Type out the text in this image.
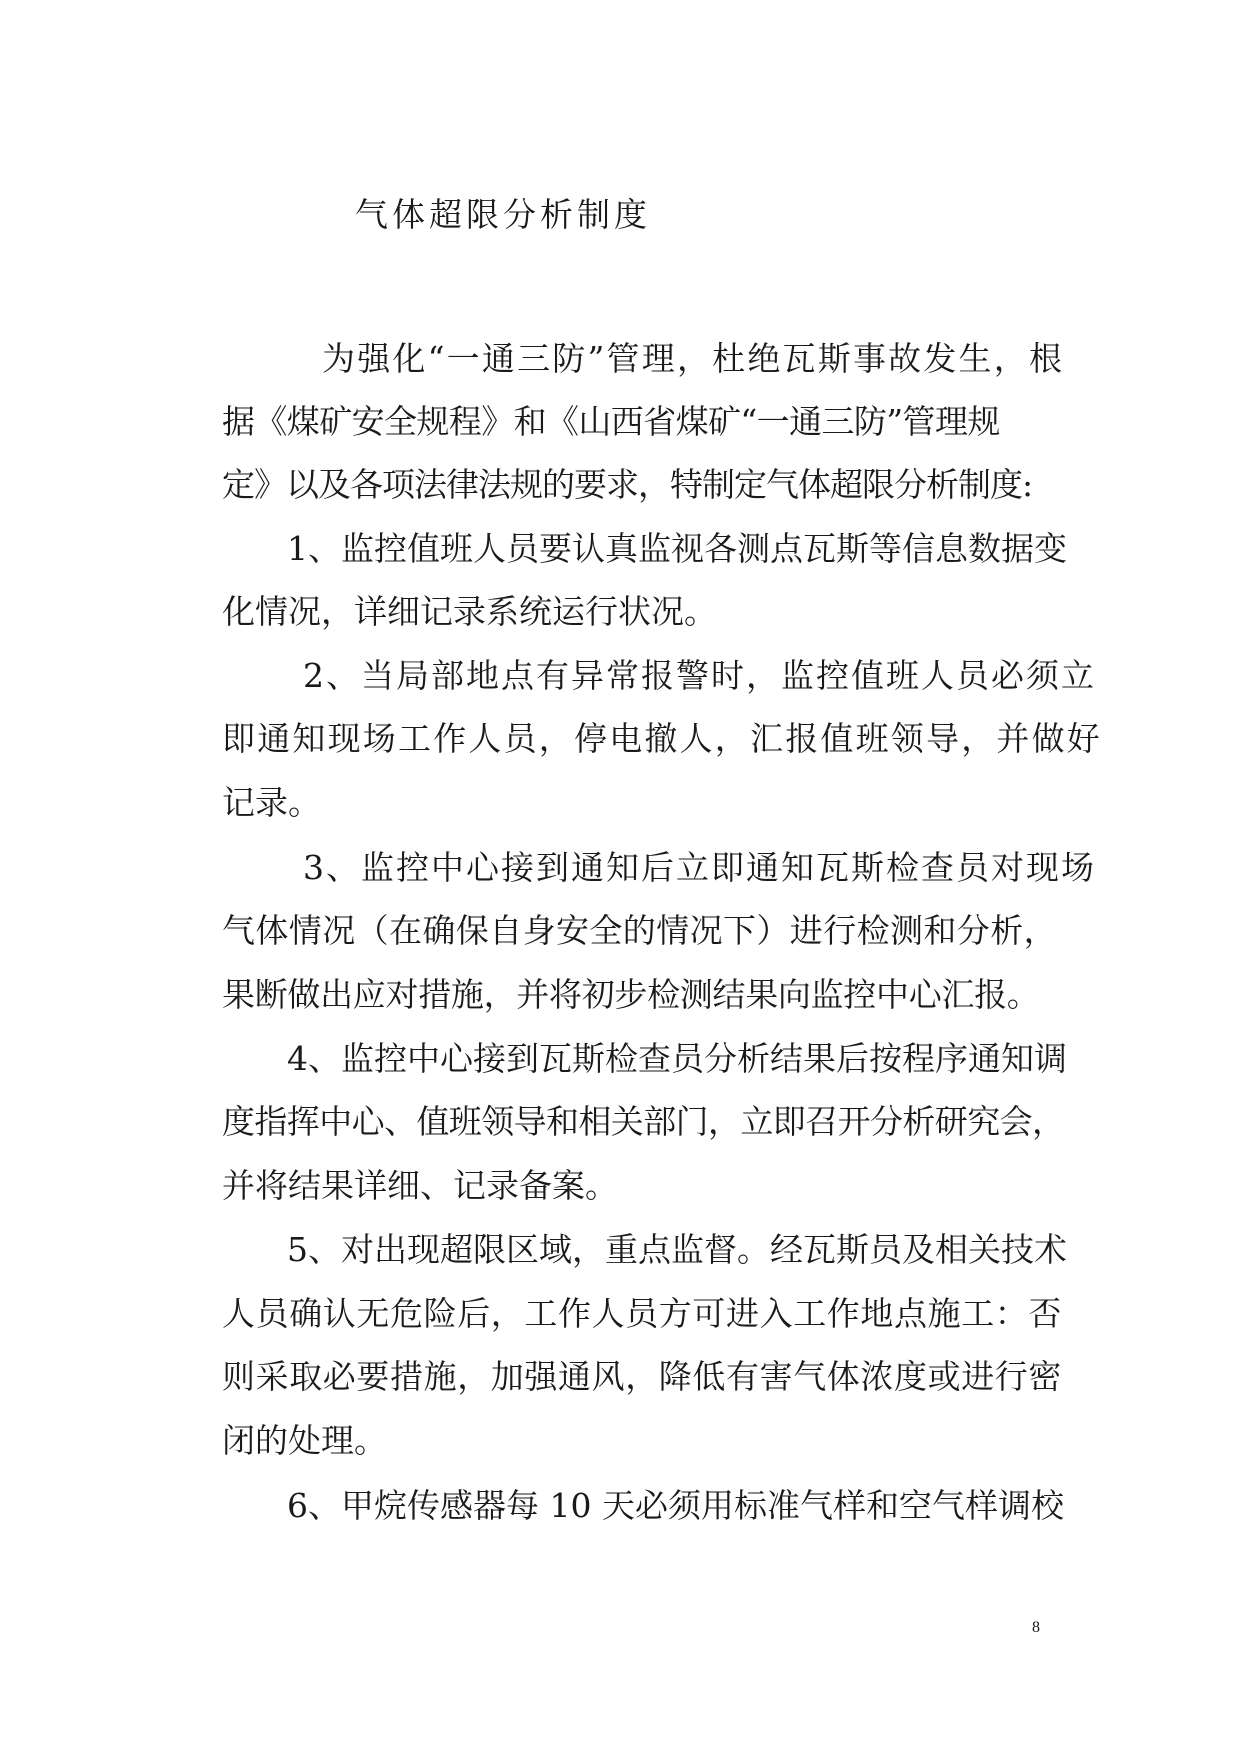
气体超限分析制度
为强化“一通三防”管理，杜绝瓦斯事故发生，根
据《煤矿安全规程》和《山西省煤矿“一通三防”管理规
定》以及各项法律法规的要求，特制定气体超限分析制度:
1、监控值班人员要认真监视各测点瓦斯等信息数据变
化情况，详细记录系统运行状况。
2、当局部地点有异常报警时，监控值班人员必须立
即通知现场工作人员，停电撤人，汇报值班领导，并做好
记录。
3、监控中心接到通知后立即通知瓦斯检查员对现场
气体情况（在确保自身安全的情况下）进行检测和分析，
果断做出应对措施，并将初步检测结果向监控中心汇报。
4、监控中心接到瓦斯检查员分析结果后按程序通知调
度指挥中心、值班领导和相关部门，立即召开分析研究会，
并将结果详细、记录备案。
5、对出现超限区域，重点监督。经瓦斯员及相关技术
人员确认无危险后，工作人员方可进入工作地点施工：否
则采取必要措施，加强通风，降低有害气体浓度或进行密
闭的处理。
6、甲烷传感器每 10 天必须用标准气样和空气样调校
8
